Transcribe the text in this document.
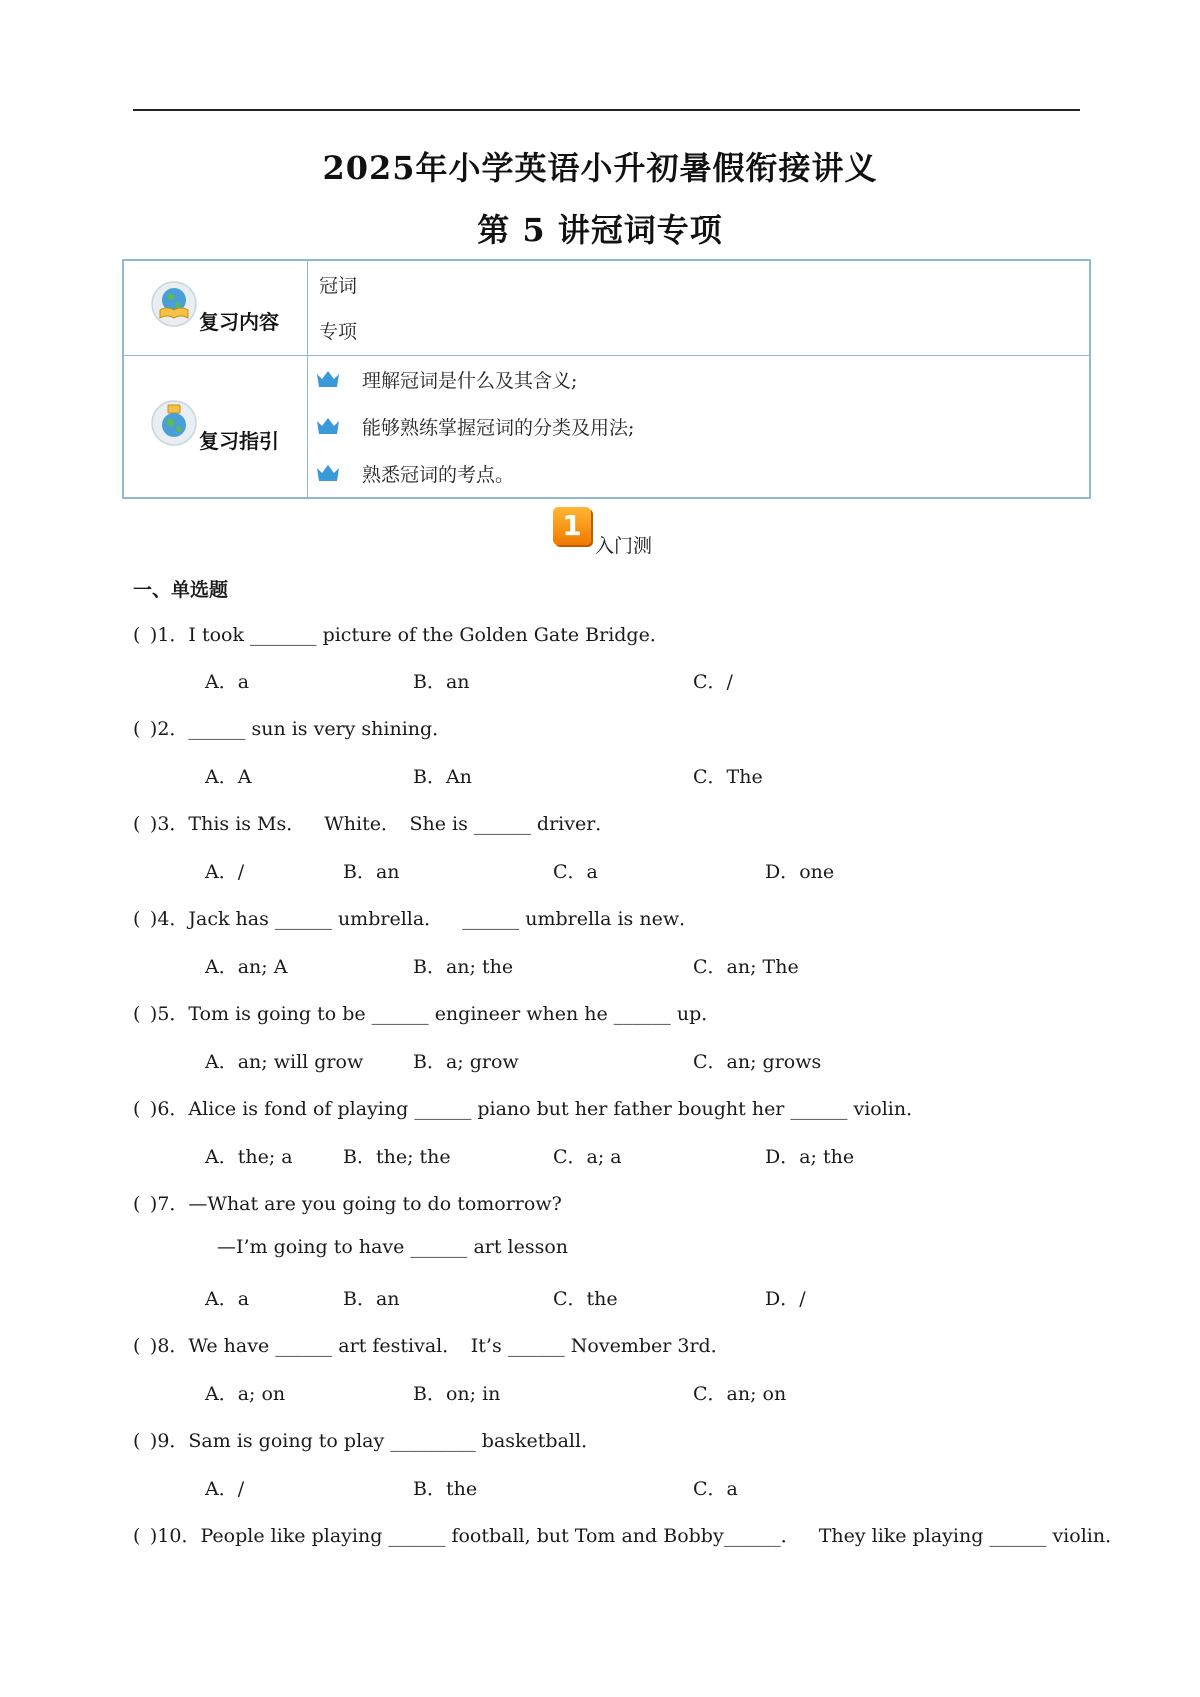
2025年小学英语小升初暑假衔接讲义
第 5 讲冠词专项
复习内容
冠词
专项
复习指引
理解冠词是什么及其含义;
能够熟练掌握冠词的分类及用法;
熟悉冠词的考点。
1
入门测
一、单选题
( )1．I took _______ picture of the Golden Gate Bridge．
A．a	B．an	C．/
( )2．______ sun is very shining．
A．A	B．An	C．The
( )3．This is Ms． White． She is ______ driver．
A．/	B．an	C．a	D．one
( )4．Jack has ______ umbrella． ______ umbrella is new．
A．an; A	B．an; the	C．an; The
( )5．Tom is going to be ______ engineer when he ______ up．
A．an; will grow	B．a; grow	C．an; grows
( )6．Alice is fond of playing ______ piano but her father bought her ______ violin．
A．the; a	B．the; the	C．a; a	D．a; the
( )7．—What are you going to do tomorrow?
—I’m going to have ______ art lesson
A．a	B．an	C．the	D．/
( )8．We have ______ art festival． It’s ______ November 3rd．
A．a; on	B．on; in	C．an; on
( )9．Sam is going to play _________ basketball．
A．/	B．the	C．a
( )10．People like playing ______ football, but Tom and Bobby______． They like playing ______ violin．
